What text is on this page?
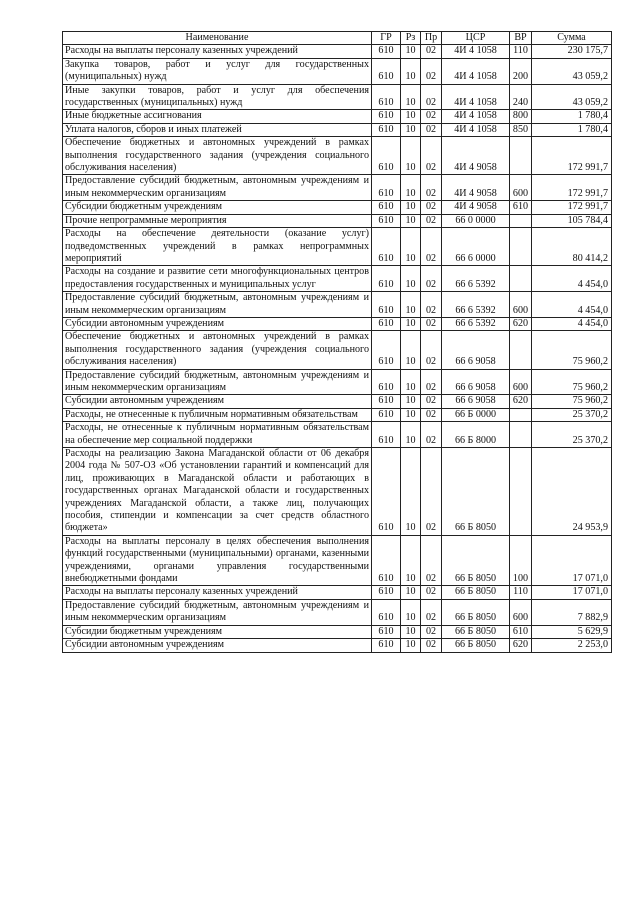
Наименование	ГР	Рз	Пр	ЦСР	ВР	Сумма
Расходы на выплаты персоналу казенных учреждений	610	10	02	4И 4 1058	110	230 175,7
Закупка товаров, работ и услуг для государственных (муниципальных) нужд	610	10	02	4И 4 1058	200	43 059,2
Иные закупки товаров, работ и услуг для обеспечения государственных (муниципальных) нужд	610	10	02	4И 4 1058	240	43 059,2
Иные бюджетные ассигнования	610	10	02	4И 4 1058	800	1 780,4
Уплата налогов, сборов и иных платежей	610	10	02	4И 4 1058	850	1 780,4
Обеспечение бюджетных и автономных учреждений в рамках выполнения государственного задания (учреждения социального обслуживания населения)	610	10	02	4И 4 9058		172 991,7
Предоставление субсидий бюджетным, автономным учреждениям и иным некоммерческим организациям	610	10	02	4И 4 9058	600	172 991,7
Субсидии бюджетным учреждениям	610	10	02	4И 4 9058	610	172 991,7
Прочие непрограммные мероприятия	610	10	02	66 0 0000		105 784,4
Расходы на обеспечение деятельности (оказание услуг) подведомственных учреждений в рамках непрограммных мероприятий	610	10	02	66 6 0000		80 414,2
Расходы на создание и развитие сети многофункциональных центров предоставления государственных и муниципальных услуг	610	10	02	66 6 5392		4 454,0
Предоставление субсидий бюджетным, автономным учреждениям и иным некоммерческим организациям	610	10	02	66 6 5392	600	4 454,0
Субсидии автономным учреждениям	610	10	02	66 6 5392	620	4 454,0
Обеспечение бюджетных и автономных учреждений в рамках выполнения государственного задания (учреждения социального обслуживания населения)	610	10	02	66 6 9058		75 960,2
Предоставление субсидий бюджетным, автономным учреждениям и иным некоммерческим организациям	610	10	02	66 6 9058	600	75 960,2
Субсидии автономным учреждениям	610	10	02	66 6 9058	620	75 960,2
Расходы, не отнесенные к публичным нормативным обязательствам	610	10	02	66 Б 0000		25 370,2
Расходы, не отнесенные к публичным нормативным обязательствам на обеспечение мер социальной поддержки	610	10	02	66 Б 8000		25 370,2
Расходы на реализацию Закона Магаданской области от 06 декабря 2004 года № 507-ОЗ «Об установлении гарантий и компенсаций для лиц, проживающих в Магаданской области и работающих в государственных органах Магаданской области и государственных учреждениях Магаданской области, а также лиц, получающих пособия, стипендии и компенсации за счет средств областного бюджета»	610	10	02	66 Б 8050		24 953,9
Расходы на выплаты персоналу в целях обеспечения выполнения функций государственными (муниципальными) органами, казенными учреждениями, органами управления государственными внебюджетными фондами	610	10	02	66 Б 8050	100	17 071,0
Расходы на выплаты персоналу казенных учреждений	610	10	02	66 Б 8050	110	17 071,0
Предоставление субсидий бюджетным, автономным учреждениям и иным некоммерческим организациям	610	10	02	66 Б 8050	600	7 882,9
Субсидии бюджетным учреждениям	610	10	02	66 Б 8050	610	5 629,9
Субсидии автономным учреждениям	610	10	02	66 Б 8050	620	2 253,0
